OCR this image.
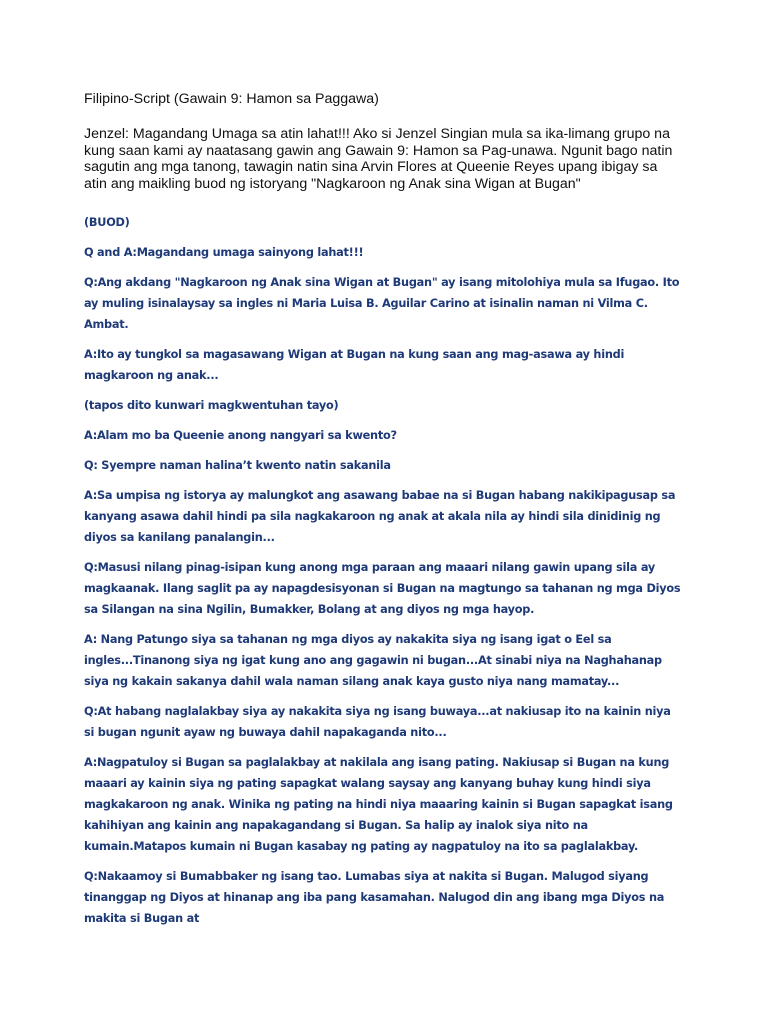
Filipino-Script (Gawain 9: Hamon sa Paggawa)

Jenzel: Magandang Umaga sa atin lahat!!! Ako si Jenzel Singian mula sa ika-limang grupo na kung saan kami ay naatasang gawin ang Gawain 9: Hamon sa Pag-unawa. Ngunit bago natin sagutin ang mga tanong, tawagin natin sina Arvin Flores at Queenie Reyes upang ibigay sa atin ang maikling buod ng istoryang "Nagkaroon ng Anak sina Wigan at Bugan"

(BUOD)

Q and A:Magandang umaga sainyong lahat!!!

Q:Ang akdang "Nagkaroon ng Anak sina Wigan at Bugan" ay isang mitolohiya mula sa Ifugao. Ito ay muling isinalaysay sa ingles ni Maria Luisa B. Aguilar Carino at isinalin naman ni Vilma C. Ambat.

A:Ito ay tungkol sa magasawang Wigan at Bugan na kung saan ang mag-asawa ay hindi magkaroon ng anak...

(tapos dito kunwari magkwentuhan tayo)

A:Alam mo ba Queenie anong nangyari sa kwento?

Q: Syempre naman halina’t kwento natin sakanila

A:Sa umpisa ng istorya ay malungkot ang asawang babae na si Bugan habang nakikipagusap sa kanyang asawa dahil hindi pa sila nagkakaroon ng anak at akala nila ay hindi sila dinidinig ng diyos sa kanilang panalangin...

Q:Masusi nilang pinag-isipan kung anong mga paraan ang maaari nilang gawin upang sila ay magkaanak. Ilang saglit pa ay napagdesisyonan si Bugan na magtungo sa tahanan ng mga Diyos sa Silangan na sina Ngilin, Bumakker, Bolang at ang diyos ng mga hayop.

A: Nang Patungo siya sa tahanan ng mga diyos ay nakakita siya ng isang igat o Eel sa ingles...Tinanong siya ng igat kung ano ang gagawin ni bugan...At sinabi niya na Naghahanap siya ng kakain sakanya dahil wala naman silang anak kaya gusto niya nang mamatay...

Q:At habang naglalakbay siya ay nakakita siya ng isang buwaya...at nakiusap ito na kainin niya si bugan ngunit ayaw ng buwaya dahil napakaganda nito...

A:Nagpatuloy si Bugan sa paglalakbay at nakilala ang isang pating. Nakiusap si Bugan na kung maaari ay kainin siya ng pating sapagkat walang saysay ang kanyang buhay kung hindi siya magkakaroon ng anak. Winika ng pating na hindi niya maaaring kainin si Bugan sapagkat isang kahihiyan ang kainin ang napakagandang si Bugan. Sa halip ay inalok siya nito na kumain.Matapos kumain ni Bugan kasabay ng pating ay nagpatuloy na ito sa paglalakbay.

Q:Nakaamoy si Bumabbaker ng isang tao. Lumabas siya at nakita si Bugan. Malugod siyang tinanggap ng Diyos at hinanap ang iba pang kasamahan. Nalugod din ang ibang mga Diyos na makita si Bugan at
